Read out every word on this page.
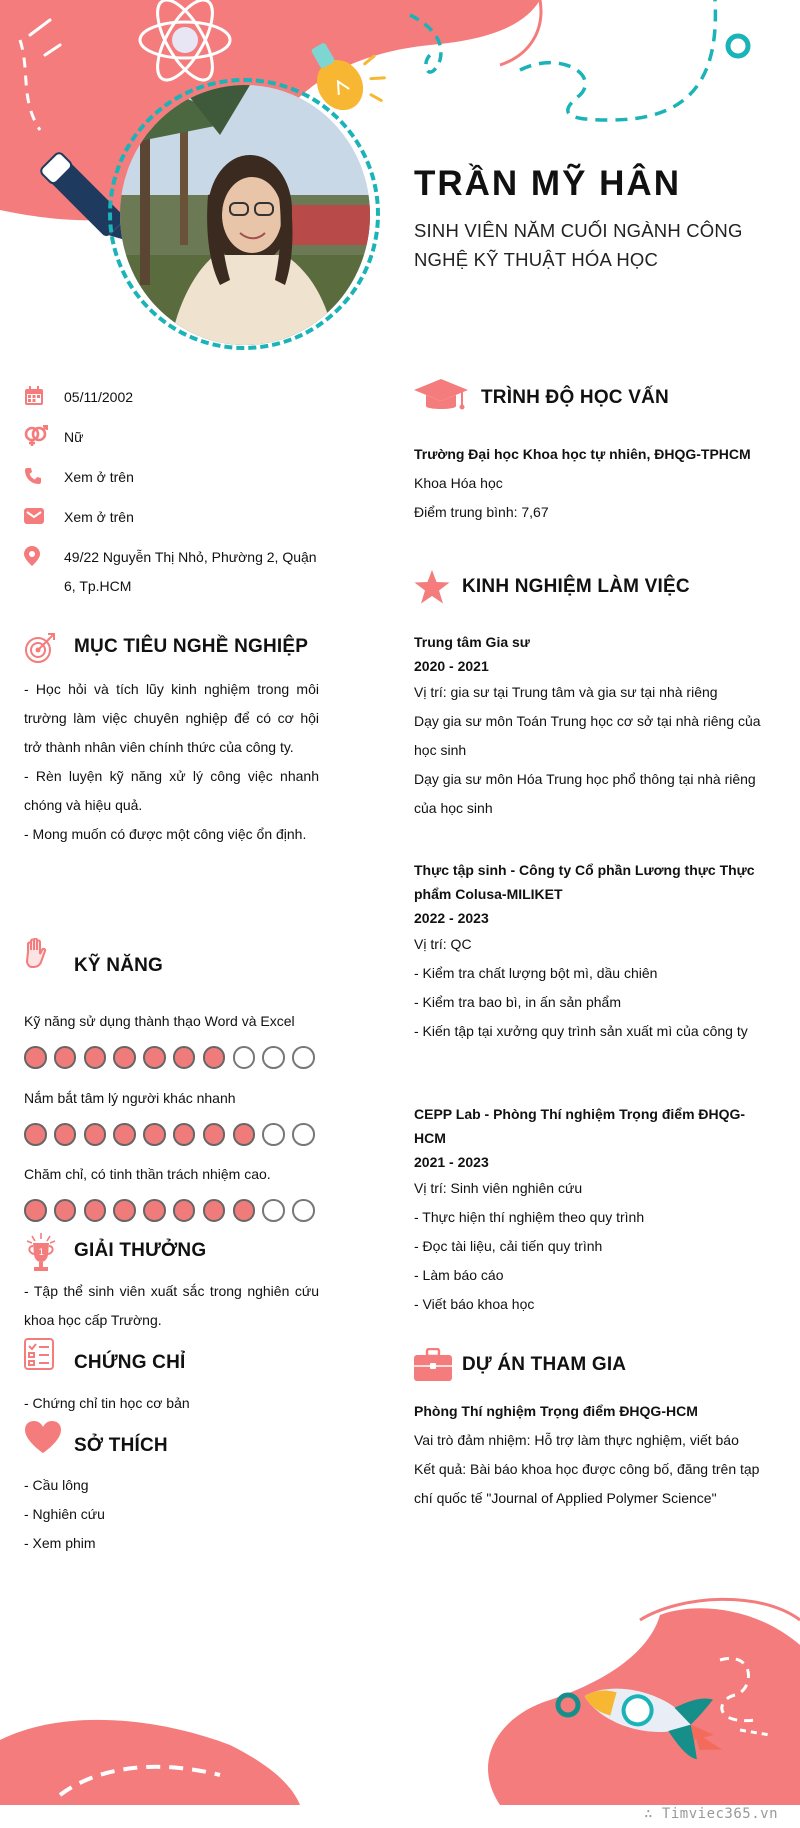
TRẦN MỸ HÂN
SINH VIÊN NĂM CUỐI NGÀNH CÔNG NGHỆ KỸ THUẬT HÓA HỌC
05/11/2002
Nữ
Xem ở trên
Xem ở trên
49/22 Nguyễn Thị Nhỏ, Phường 2, Quận 6, Tp.HCM
MỤC TIÊU NGHỀ NGHIỆP
- Học hỏi và tích lũy kinh nghiệm trong môi trường làm việc chuyên nghiệp để có cơ hội trở thành nhân viên chính thức của công ty.
- Rèn luyện kỹ năng xử lý công việc nhanh chóng và hiệu quả.
- Mong muốn có được một công việc ổn định.
KỸ NĂNG
Kỹ năng sử dụng thành thạo Word và Excel
Nắm bắt tâm lý người khác nhanh
Chăm chỉ, có tinh thần trách nhiệm cao.
1 GIẢI THƯỞNG
- Tập thể sinh viên xuất sắc trong nghiên cứu khoa học cấp Trường.
CHỨNG CHỈ
- Chứng chỉ tin học cơ bản
SỞ THÍCH
- Cầu lông
- Nghiên cứu
- Xem phim
TRÌNH ĐỘ HỌC VẤN
Trường Đại học Khoa học tự nhiên, ĐHQG-TPHCM
Khoa Hóa học
Điểm trung bình: 7,67
KINH NGHIỆM LÀM VIỆC
Trung tâm Gia sư
2020 - 2021
Vị trí: gia sư tại Trung tâm và gia sư tại nhà riêng
Dạy gia sư môn Toán Trung học cơ sở tại nhà riêng của học sinh
Dạy gia sư môn Hóa Trung học phổ thông tại nhà riêng của học sinh
Thực tập sinh - Công ty Cổ phần Lương thực Thực phẩm Colusa-MILIKET
2022 - 2023
Vị trí: QC
- Kiểm tra chất lượng bột mì, dầu chiên
- Kiểm tra bao bì, in ấn sản phẩm
- Kiến tập tại xưởng quy trình sản xuất mì của công ty
CEPP Lab - Phòng Thí nghiệm Trọng điểm ĐHQG-HCM
2021 - 2023
Vị trí: Sinh viên nghiên cứu
- Thực hiện thí nghiệm theo quy trình
- Đọc tài liệu, cải tiến quy trình
- Làm báo cáo
- Viết báo khoa học
DỰ ÁN THAM GIA
Phòng Thí nghiệm Trọng điểm ĐHQG-HCM
Vai trò đảm nhiệm: Hỗ trợ làm thực nghiệm, viết báo
Kết quả: Bài báo khoa học được công bố, đăng trên tạp chí quốc tế "Journal of Applied Polymer Science"
∴ Timviec365.vn
